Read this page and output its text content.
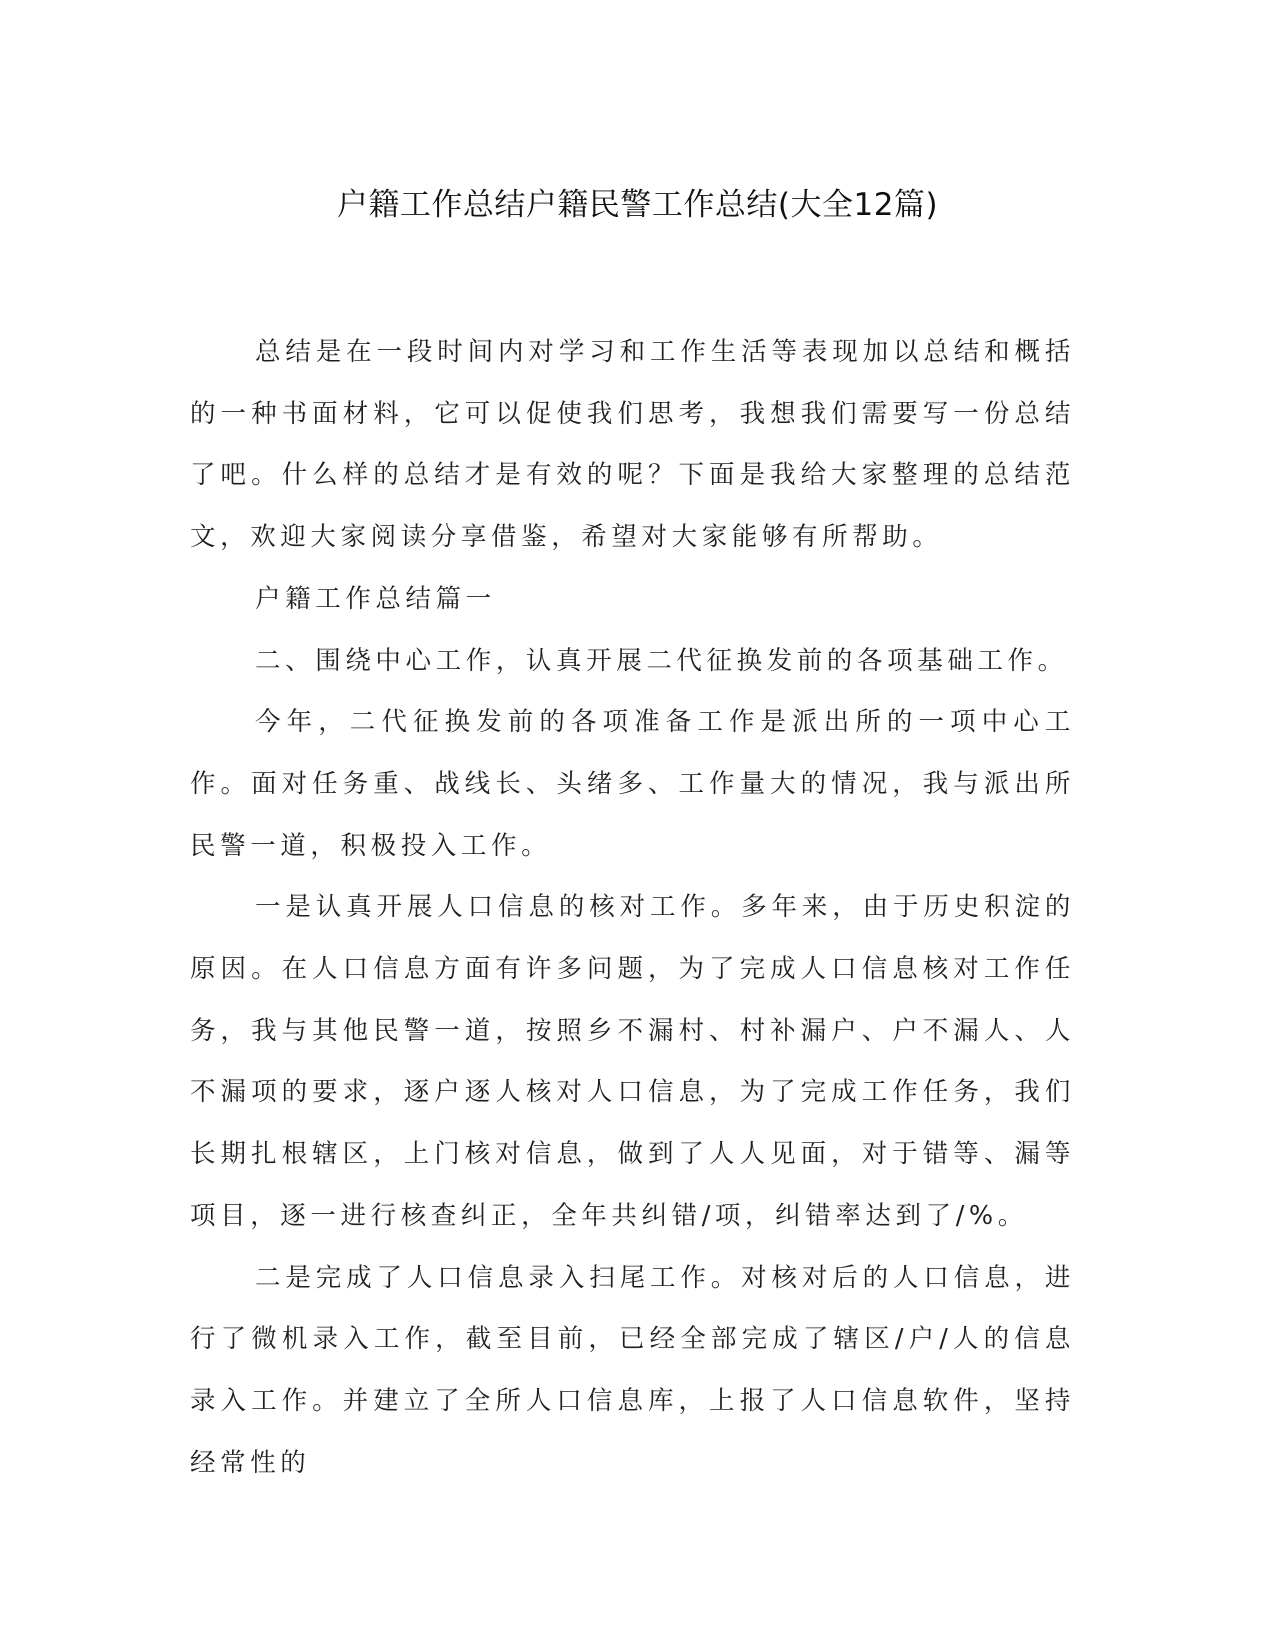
户籍工作总结户籍民警工作总结(大全12篇)

总结是在一段时间内对学习和工作生活等表现加以总结和概括的一种书面材料，它可以促使我们思考，我想我们需要写一份总结了吧。什么样的总结才是有效的呢？下面是我给大家整理的总结范文，欢迎大家阅读分享借鉴，希望对大家能够有所帮助。

户籍工作总结篇一

二、围绕中心工作，认真开展二代征换发前的各项基础工作。

今年，二代征换发前的各项准备工作是派出所的一项中心工作。面对任务重、战线长、头绪多、工作量大的情况，我与派出所民警一道，积极投入工作。

一是认真开展人口信息的核对工作。多年来，由于历史积淀的原因。在人口信息方面有许多问题，为了完成人口信息核对工作任务，我与其他民警一道，按照乡不漏村、村补漏户、户不漏人、人不漏项的要求，逐户逐人核对人口信息，为了完成工作任务，我们长期扎根辖区，上门核对信息，做到了人人见面，对于错等、漏等项目，逐一进行核查纠正，全年共纠错/项，纠错率达到了/%。

二是完成了人口信息录入扫尾工作。对核对后的人口信息，进行了微机录入工作，截至目前，已经全部完成了辖区/户/人的信息录入工作。并建立了全所人口信息库，上报了人口信息软件，坚持经常性的
